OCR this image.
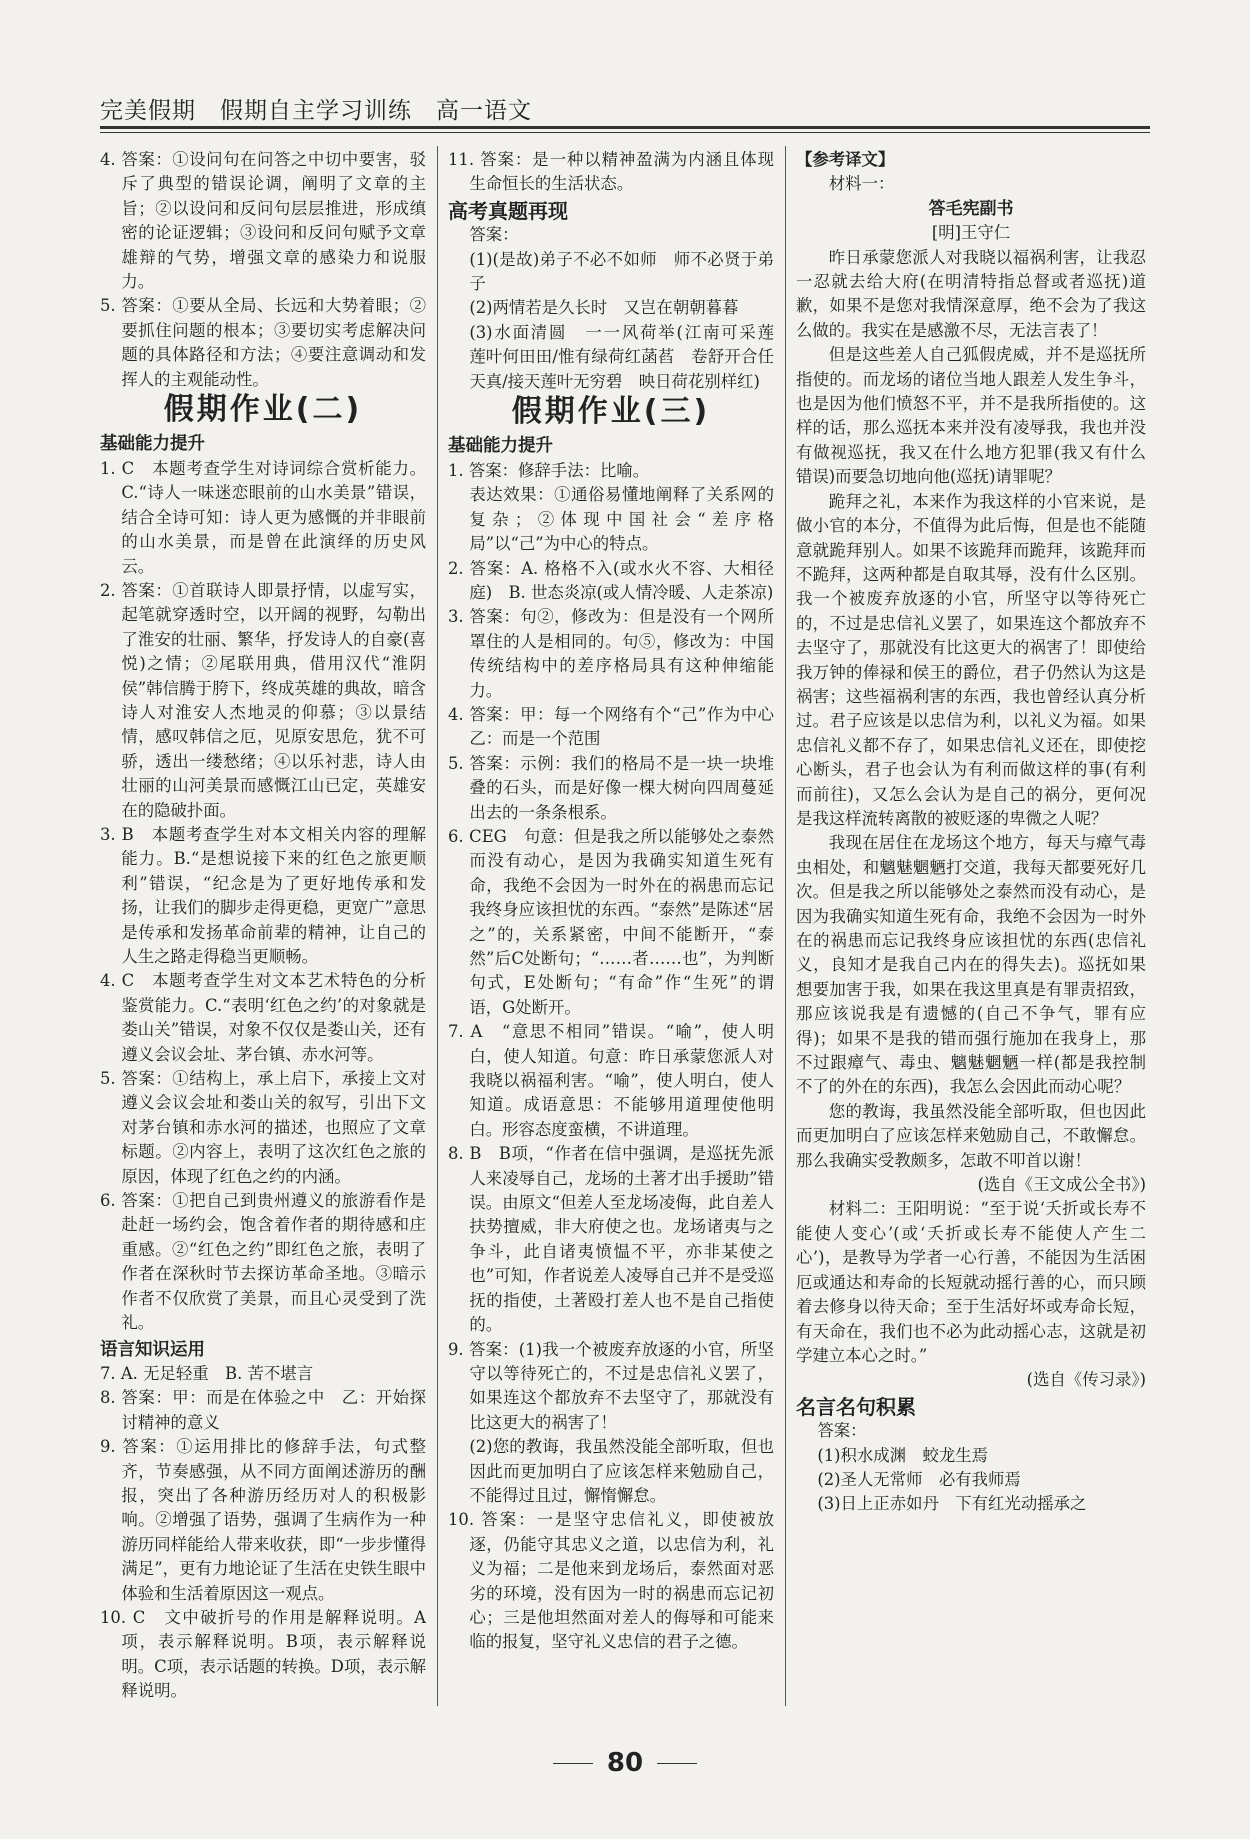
完美假期　假期自主学习训练　高一语文

4. 答案：①设问句在问答之中切中要害，驳斥了典型的错误论调，阐明了文章的主旨；②以设问和反问句层层推进，形成缜密的论证逻辑；③设问和反问句赋予文章雄辩的气势，增强文章的感染力和说服力。

5. 答案：①要从全局、长远和大势着眼；②要抓住问题的根本；③要切实考虑解决问题的具体路径和方法；④要注意调动和发挥人的主观能动性。

假期作业(二)
基础能力提升

1. C　本题考查学生对诗词综合赏析能力。C.“诗人一味迷恋眼前的山水美景”错误，结合全诗可知：诗人更为感慨的并非眼前的山水美景，而是曾在此演绎的历史风云。

2. 答案：①首联诗人即景抒情，以虚写实，起笔就穿透时空，以开阔的视野，勾勒出了淮安的壮丽、繁华，抒发诗人的自豪(喜悦)之情；②尾联用典，借用汉代“淮阴侯”韩信腾于胯下，终成英雄的典故，暗含诗人对淮安人杰地灵的仰慕；③以景结情，感叹韩信之厄，见原安思危，犹不可骄，透出一缕愁绪；④以乐衬悲，诗人由壮丽的山河美景而感慨江山已定，英雄安在的隐破扑面。

3. B　本题考查学生对本文相关内容的理解能力。B.“是想说接下来的红色之旅更顺利”错误，“纪念是为了更好地传承和发扬，让我们的脚步走得更稳，更宽广”意思是传承和发扬革命前辈的精神，让自己的人生之路走得稳当更顺畅。

4. C　本题考查学生对文本艺术特色的分析鉴赏能力。C.“表明‘红色之约’的对象就是娄山关”错误，对象不仅仅是娄山关，还有遵义会议会址、茅台镇、赤水河等。

5. 答案：①结构上，承上启下，承接上文对遵义会议会址和娄山关的叙写，引出下文对茅台镇和赤水河的描述，也照应了文章标题。②内容上，表明了这次红色之旅的原因，体现了红色之约的内涵。

6. 答案：①把自己到贵州遵义的旅游看作是赴赶一场约会，饱含着作者的期待感和庄重感。②“红色之约”即红色之旅，表明了作者在深秋时节去探访革命圣地。③暗示作者不仅欣赏了美景，而且心灵受到了洗礼。

语言知识运用

7. A. 无足轻重　B. 苦不堪言

8. 答案：甲：而是在体验之中　乙：开始探讨精神的意义

9. 答案：①运用排比的修辞手法，句式整齐，节奏感强，从不同方面阐述游历的酬报，突出了各种游历经历对人的积极影响。②增强了语势，强调了生病作为一种游历同样能给人带来收获，即“一步步懂得满足”，更有力地论证了生活在史铁生眼中体验和生活着原因这一观点。

10. C　文中破折号的作用是解释说明。A项，表示解释说明。B项，表示解释说明。C项，表示话题的转换。D项，表示解释说明。

11. 答案：是一种以精神盈满为内涵且体现生命恒长的生活状态。

高考真题再现

答案：

(1)(是故)弟子不必不如师　师不必贤于弟子

(2)两情若是久长时　又岂在朝朝暮暮

(3)水面清圆　一一风荷举(江南可采莲　莲叶何田田/惟有绿荷红菡萏　卷舒开合任天真/接天莲叶无穷碧　映日荷花别样红)

假期作业(三)
基础能力提升

1. 答案：修辞手法：比喻。

表达效果：①通俗易懂地阐释了关系网的复杂；②体现中国社会“差序格局”以“己”为中心的特点。

2. 答案：A. 格格不入(或水火不容、大相径庭)　B. 世态炎凉(或人情冷暖、人走茶凉)

3. 答案：句②，修改为：但是没有一个网所罩住的人是相同的。句⑤，修改为：中国传统结构中的差序格局具有这种伸缩能力。

4. 答案：甲：每一个网络有个“己”作为中心　乙：而是一个范围

5. 答案：示例：我们的格局不是一块一块堆叠的石头，而是好像一棵大树向四周蔓延出去的一条条根系。

6. CEG　句意：但是我之所以能够处之泰然而没有动心，是因为我确实知道生死有命，我绝不会因为一时外在的祸患而忘记我终身应该担忧的东西。“泰然”是陈述“居之”的，关系紧密，中间不能断开，“泰然”后C处断句；“……者……也”，为判断句式，E处断句；“有命”作“生死”的谓语，G处断开。

7. A　“意思不相同”错误。“喻”，使人明白，使人知道。句意：昨日承蒙您派人对我晓以祸福利害。“喻”，使人明白，使人知道。成语意思：不能够用道理使他明白。形容态度蛮横，不讲道理。

8. B　B项，“作者在信中强调，是巡抚先派人来凌辱自己，龙场的土著才出手援助”错误。由原文“但差人至龙场凌侮，此自差人扶势擅威，非大府使之也。龙场诸夷与之争斗，此自诸夷愤愠不平，亦非某使之也”可知，作者说差人凌辱自己并不是受巡抚的指使，土著殴打差人也不是自己指使的。

9. 答案：(1)我一个被废弃放逐的小官，所坚守以等待死亡的，不过是忠信礼义罢了，如果连这个都放弃不去坚守了，那就没有比这更大的祸害了！

(2)您的教诲，我虽然没能全部听取，但也因此而更加明白了应该怎样来勉励自己，不能得过且过，懈惰懈怠。

10. 答案：一是坚守忠信礼义，即使被放逐，仍能守其忠义之道，以忠信为利，礼义为福；二是他来到龙场后，泰然面对恶劣的环境，没有因为一时的祸患而忘记初心；三是他坦然面对差人的侮辱和可能来临的报复，坚守礼义忠信的君子之德。

【参考译文】

材料一：

答毛宪副书

[明]王守仁

昨日承蒙您派人对我晓以福祸利害，让我忍一忍就去给大府(在明清特指总督或者巡抚)道歉，如果不是您对我情深意厚，绝不会为了我这么做的。我实在是感激不尽，无法言表了！

但是这些差人自己狐假虎威，并不是巡抚所指使的。而龙场的诸位当地人跟差人发生争斗，也是因为他们愤怒不平，并不是我所指使的。这样的话，那么巡抚本来并没有凌辱我，我也并没有做视巡抚，我又在什么地方犯罪(我又有什么错误)而要急切地向他(巡抚)请罪呢？

跪拜之礼，本来作为我这样的小官来说，是做小官的本分，不值得为此后悔，但是也不能随意就跪拜别人。如果不该跪拜而跪拜，该跪拜而不跪拜，这两种都是自取其辱，没有什么区别。我一个被废弃放逐的小官，所坚守以等待死亡的，不过是忠信礼义罢了，如果连这个都放弃不去坚守了，那就没有比这更大的祸害了！即使给我万钟的俸禄和侯王的爵位，君子仍然认为这是祸害；这些福祸利害的东西，我也曾经认真分析过。君子应该是以忠信为利，以礼义为福。如果忠信礼义都不存了，如果忠信礼义还在，即使挖心断头，君子也会认为有利而做这样的事(有利而前往)，又怎么会认为是自己的祸分，更何况是我这样流转离散的被贬逐的卑微之人呢？

我现在居住在龙场这个地方，每天与瘴气毒虫相处，和魑魅魍魉打交道，我每天都要死好几次。但是我之所以能够处之泰然而没有动心，是因为我确实知道生死有命，我绝不会因为一时外在的祸患而忘记我终身应该担忧的东西(忠信礼义，良知才是我自己内在的得失去)。巡抚如果想要加害于我，如果在我这里真是有罪责招致，那应该说我是有遗憾的(自己不争气，罪有应得)；如果不是我的错而强行施加在我身上，那不过跟瘴气、毒虫、魑魅魍魉一样(都是我控制不了的外在的东西)，我怎么会因此而动心呢？

您的教诲，我虽然没能全部听取，但也因此而更加明白了应该怎样来勉励自己，不敢懈怠。那么我确实受教颇多，怎敢不叩首以谢！

(选自《王文成公全书》)

材料二：王阳明说：“至于说‘夭折或长寿不能使人变心’(或‘夭折或长寿不能使人产生二心’)，是教导为学者一心行善，不能因为生活困厄或通达和寿命的长短就动摇行善的心，而只顾着去修身以待天命；至于生活好坏或寿命长短，有天命在，我们也不必为此动摇心志，这就是初学建立本心之时。”

(选自《传习录》)

名言名句积累

答案：

(1)积水成渊　蛟龙生焉

(2)圣人无常师　必有我师焉

(3)日上正赤如丹　下有红光动摇承之

80
